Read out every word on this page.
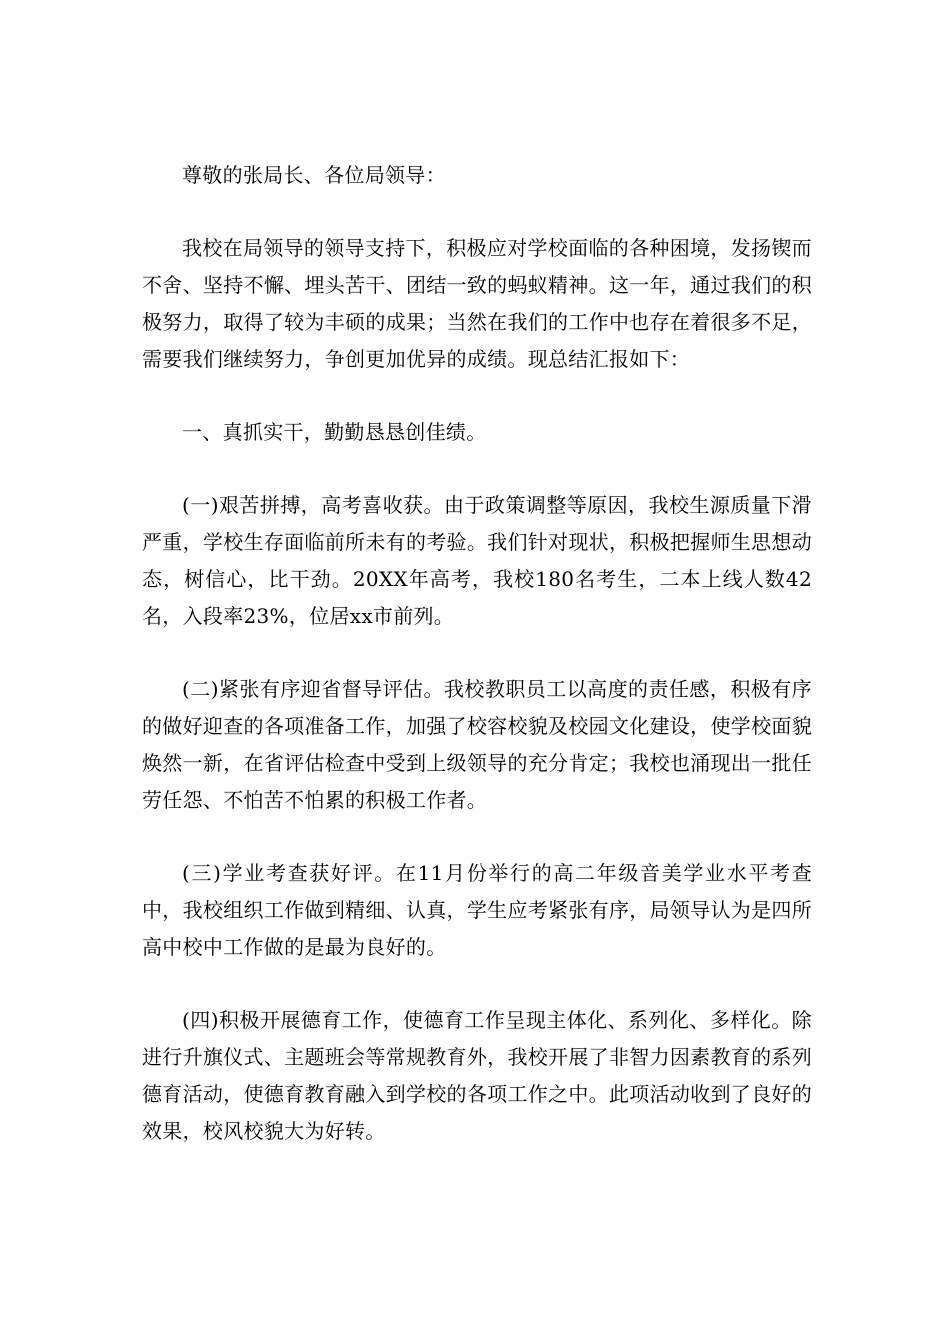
尊敬的张局长、各位局领导：

我校在局领导的领导支持下，积极应对学校面临的各种困境，发扬锲而不舍、坚持不懈、埋头苦干、团结一致的蚂蚁精神。这一年，通过我们的积极努力，取得了较为丰硕的成果；当然在我们的工作中也存在着很多不足，需要我们继续努力，争创更加优异的成绩。现总结汇报如下：

一、真抓实干，勤勤恳恳创佳绩。

(一)艰苦拼搏，高考喜收获。由于政策调整等原因，我校生源质量下滑严重，学校生存面临前所未有的考验。我们针对现状，积极把握师生思想动态，树信心，比干劲。20XX年高考，我校180名考生，二本上线人数42名，入段率23%，位居xx市前列。

(二)紧张有序迎省督导评估。我校教职员工以高度的责任感，积极有序的做好迎查的各项准备工作，加强了校容校貌及校园文化建设，使学校面貌焕然一新，在省评估检查中受到上级领导的充分肯定；我校也涌现出一批任劳任怨、不怕苦不怕累的积极工作者。

(三)学业考查获好评。在11月份举行的高二年级音美学业水平考查中，我校组织工作做到精细、认真，学生应考紧张有序，局领导认为是四所高中校中工作做的是最为良好的。

(四)积极开展德育工作，使德育工作呈现主体化、系列化、多样化。除进行升旗仪式、主题班会等常规教育外，我校开展了非智力因素教育的系列德育活动，使德育教育融入到学校的各项工作之中。此项活动收到了良好的效果，校风校貌大为好转。
